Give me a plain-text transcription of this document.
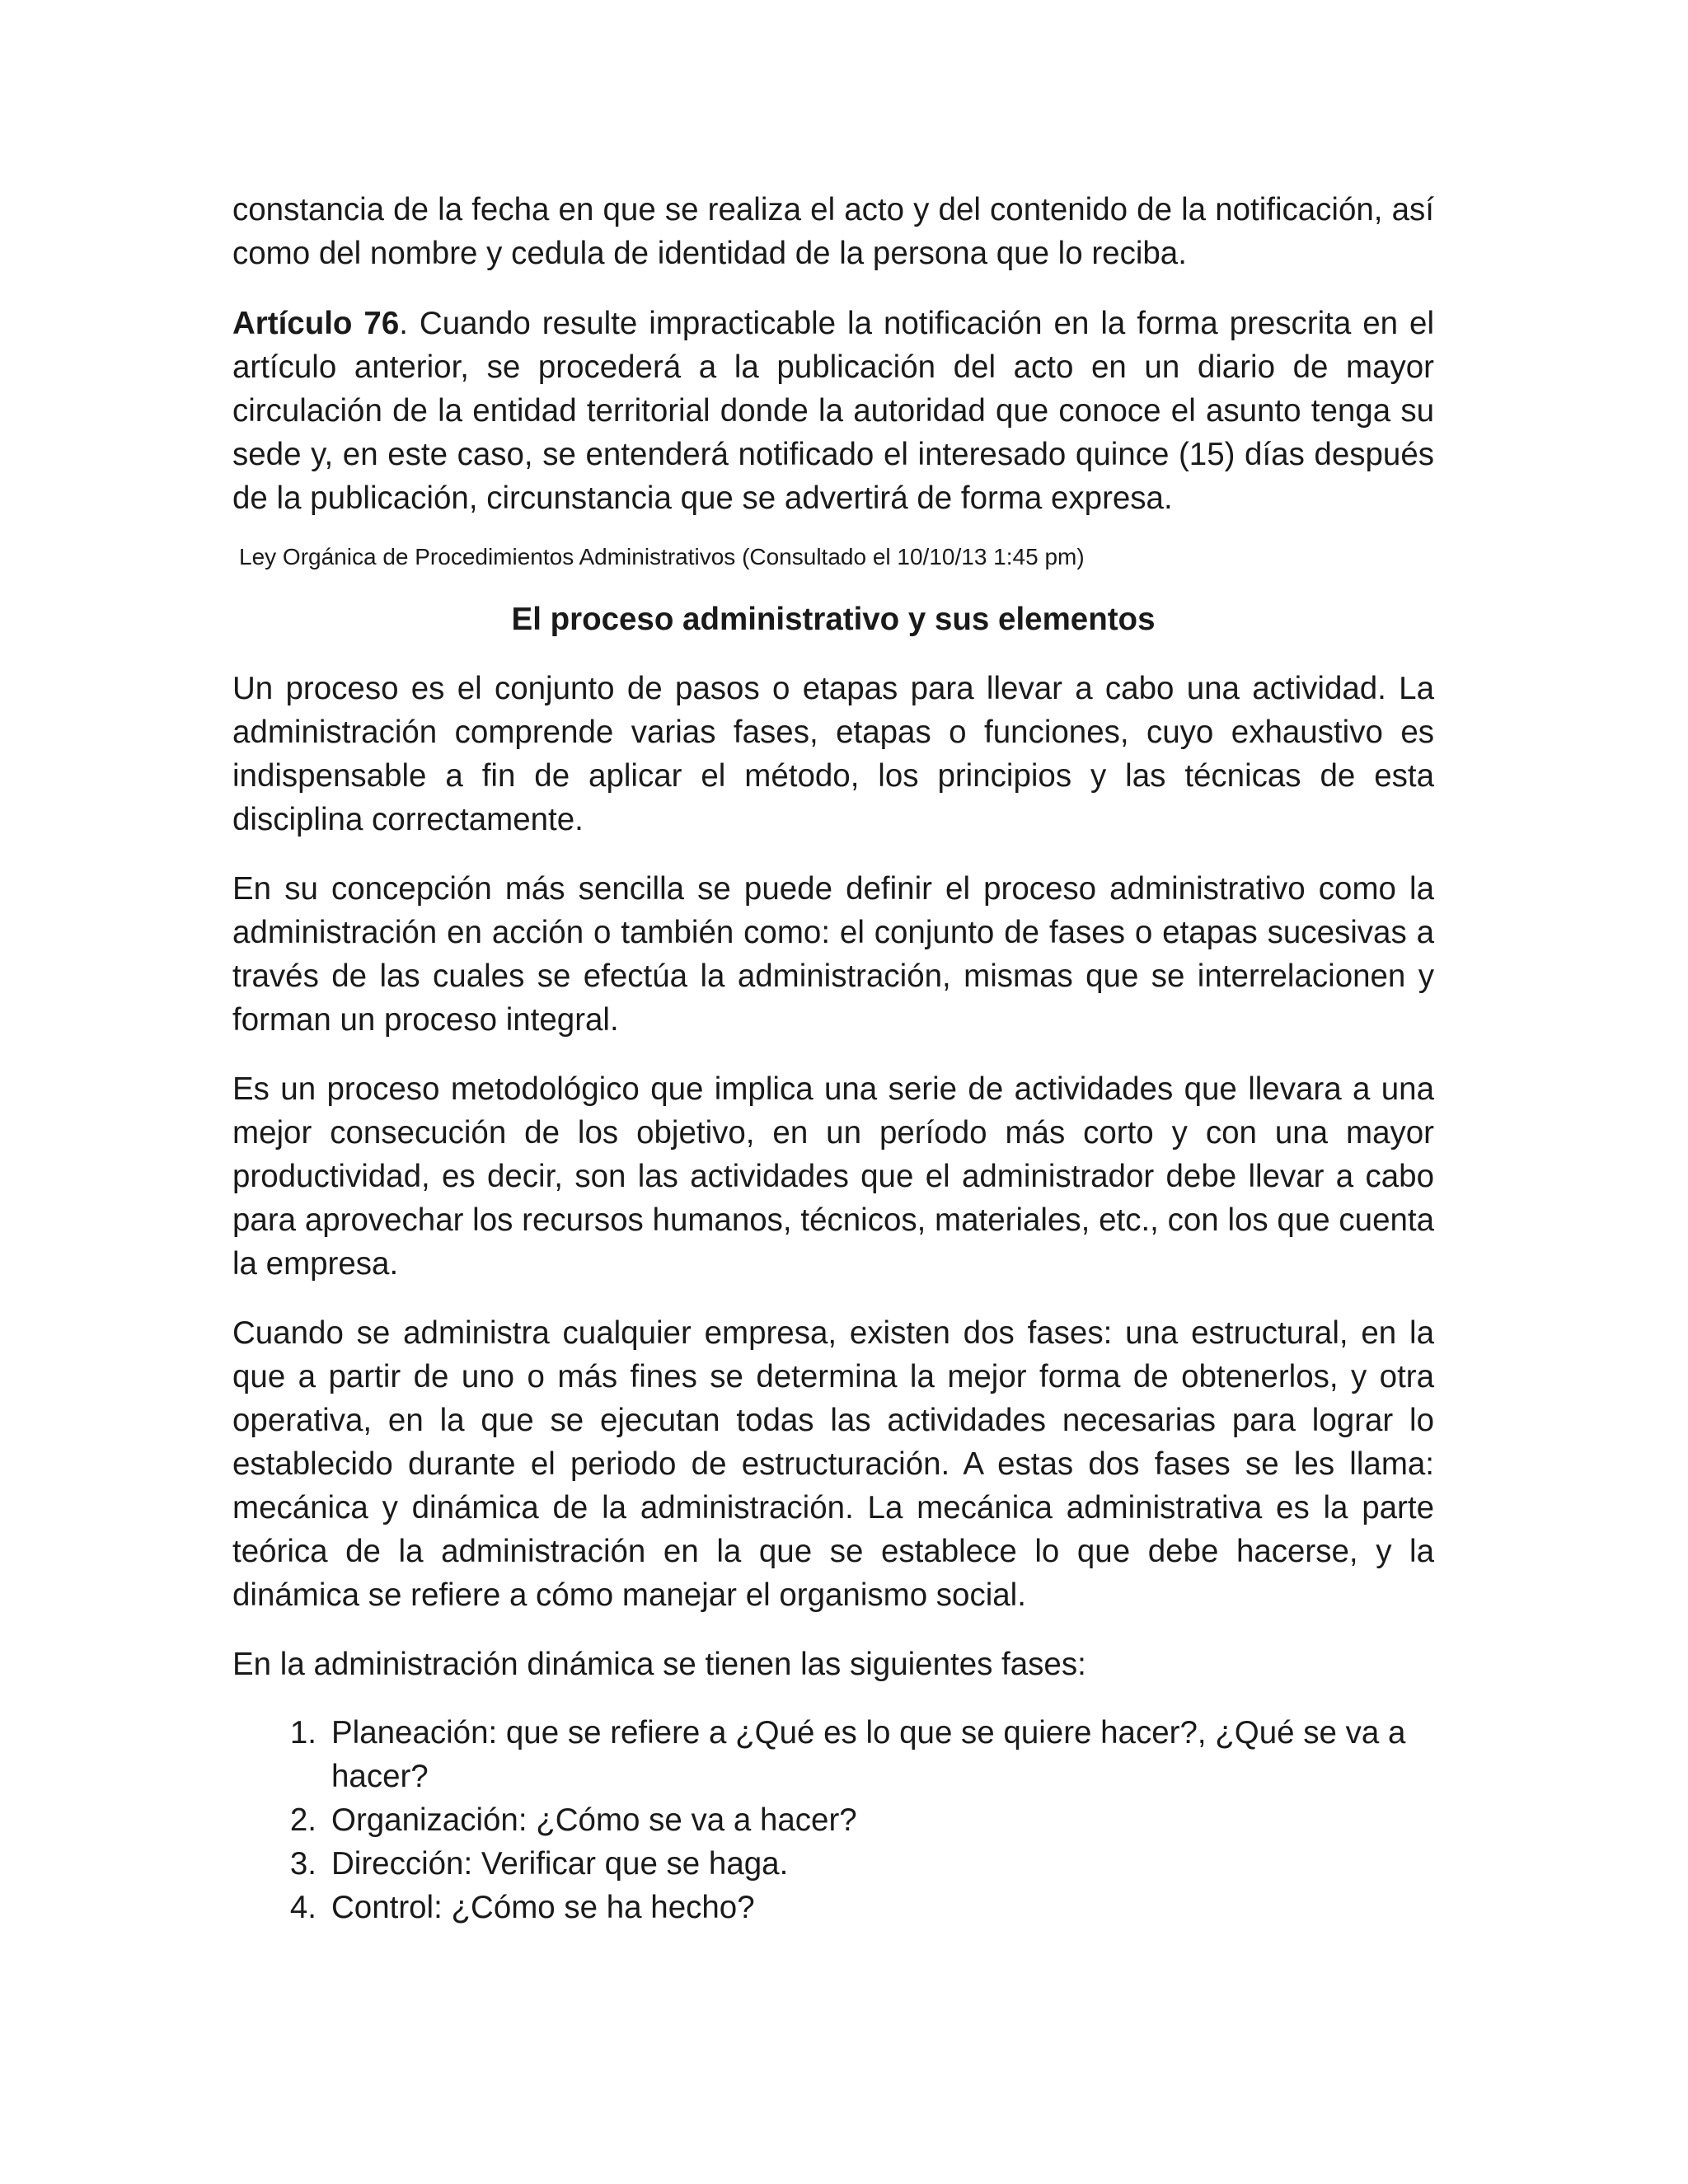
constancia de la fecha en que se realiza el acto y del contenido de la notificación, así como del nombre y cedula de identidad de la persona que lo reciba.

Artículo 76. Cuando resulte impracticable la notificación en la forma prescrita en el artículo anterior, se procederá a la publicación del acto en un diario de mayor circulación de la entidad territorial donde la autoridad que conoce el asunto tenga su sede y, en este caso, se entenderá notificado el interesado quince (15) días después de la publicación, circunstancia que se advertirá de forma expresa.

Ley Orgánica de Procedimientos Administrativos (Consultado el 10/10/13 1:45 pm)

El proceso administrativo y sus elementos

Un proceso es el conjunto de pasos o etapas para llevar a cabo una actividad. La administración comprende varias fases, etapas o funciones, cuyo exhaustivo es indispensable a fin de aplicar el método, los principios y las técnicas de esta disciplina correctamente.

En su concepción más sencilla se puede definir el proceso administrativo como la administración en acción o también como: el conjunto de fases o etapas sucesivas a través de las cuales se efectúa la administración, mismas que se interrelacionen y forman un proceso integral.

Es un proceso metodológico que implica una serie de actividades que llevara a una mejor consecución de los objetivo, en un período más corto y con una mayor productividad, es decir, son las actividades que el administrador debe llevar a cabo para aprovechar los recursos humanos, técnicos, materiales, etc., con los que cuenta la empresa.

Cuando se administra cualquier empresa, existen dos fases: una estructural, en la que a partir de uno o más fines se determina la mejor forma de obtenerlos, y otra operativa, en la que se ejecutan todas las actividades necesarias para lograr lo establecido durante el periodo de estructuración. A estas dos fases se les llama: mecánica y dinámica de la administración. La mecánica administrativa es la parte teórica de la administración en la que se establece lo que debe hacerse, y la dinámica se refiere a cómo manejar el organismo social.

En la administración dinámica se tienen las siguientes fases:

1. Planeación: que se refiere a ¿Qué es lo que se quiere hacer?, ¿Qué se va a hacer?
2. Organización: ¿Cómo se va a hacer?
3. Dirección: Verificar que se haga.
4. Control: ¿Cómo se ha hecho?
